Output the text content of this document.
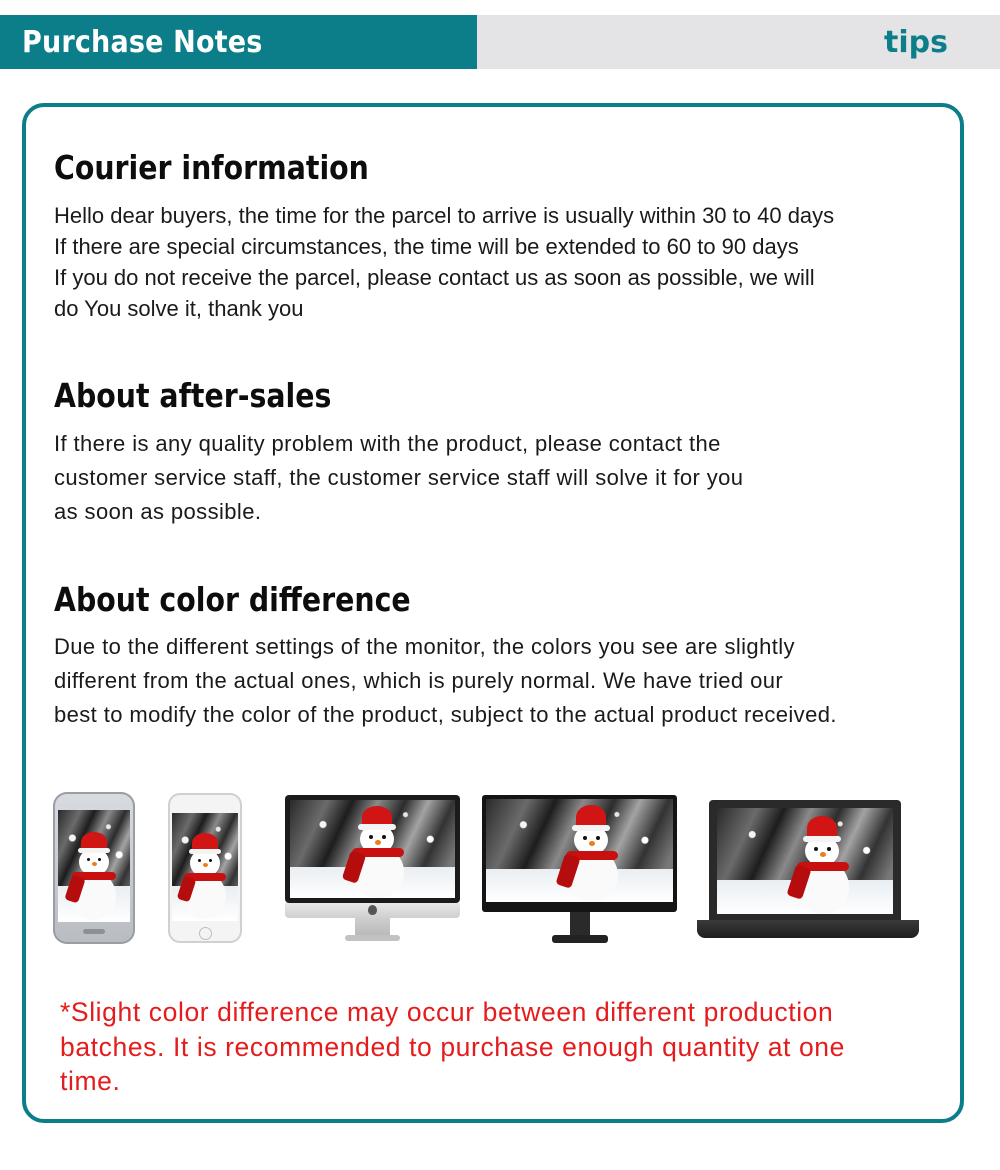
Purchase Notes	tips
Courier information
Hello dear buyers, the time for the parcel to arrive is usually within 30 to 40 days
If there are special circumstances, the time will be extended to 60 to 90 days
If you do not receive the parcel, please contact us as soon as possible, we will
do You solve it, thank you
About after-sales
If there is any quality problem with the product, please contact the
customer service staff, the customer service staff will solve it for you
as soon as possible.
About color difference
Due to the different settings of the monitor, the colors you see are slightly
different from the actual ones, which is purely normal. We have tried our
best to modify the color of the product, subject to the actual product received.
*Slight color difference may occur between different production
batches. It is recommended to purchase enough quantity at one
time.
